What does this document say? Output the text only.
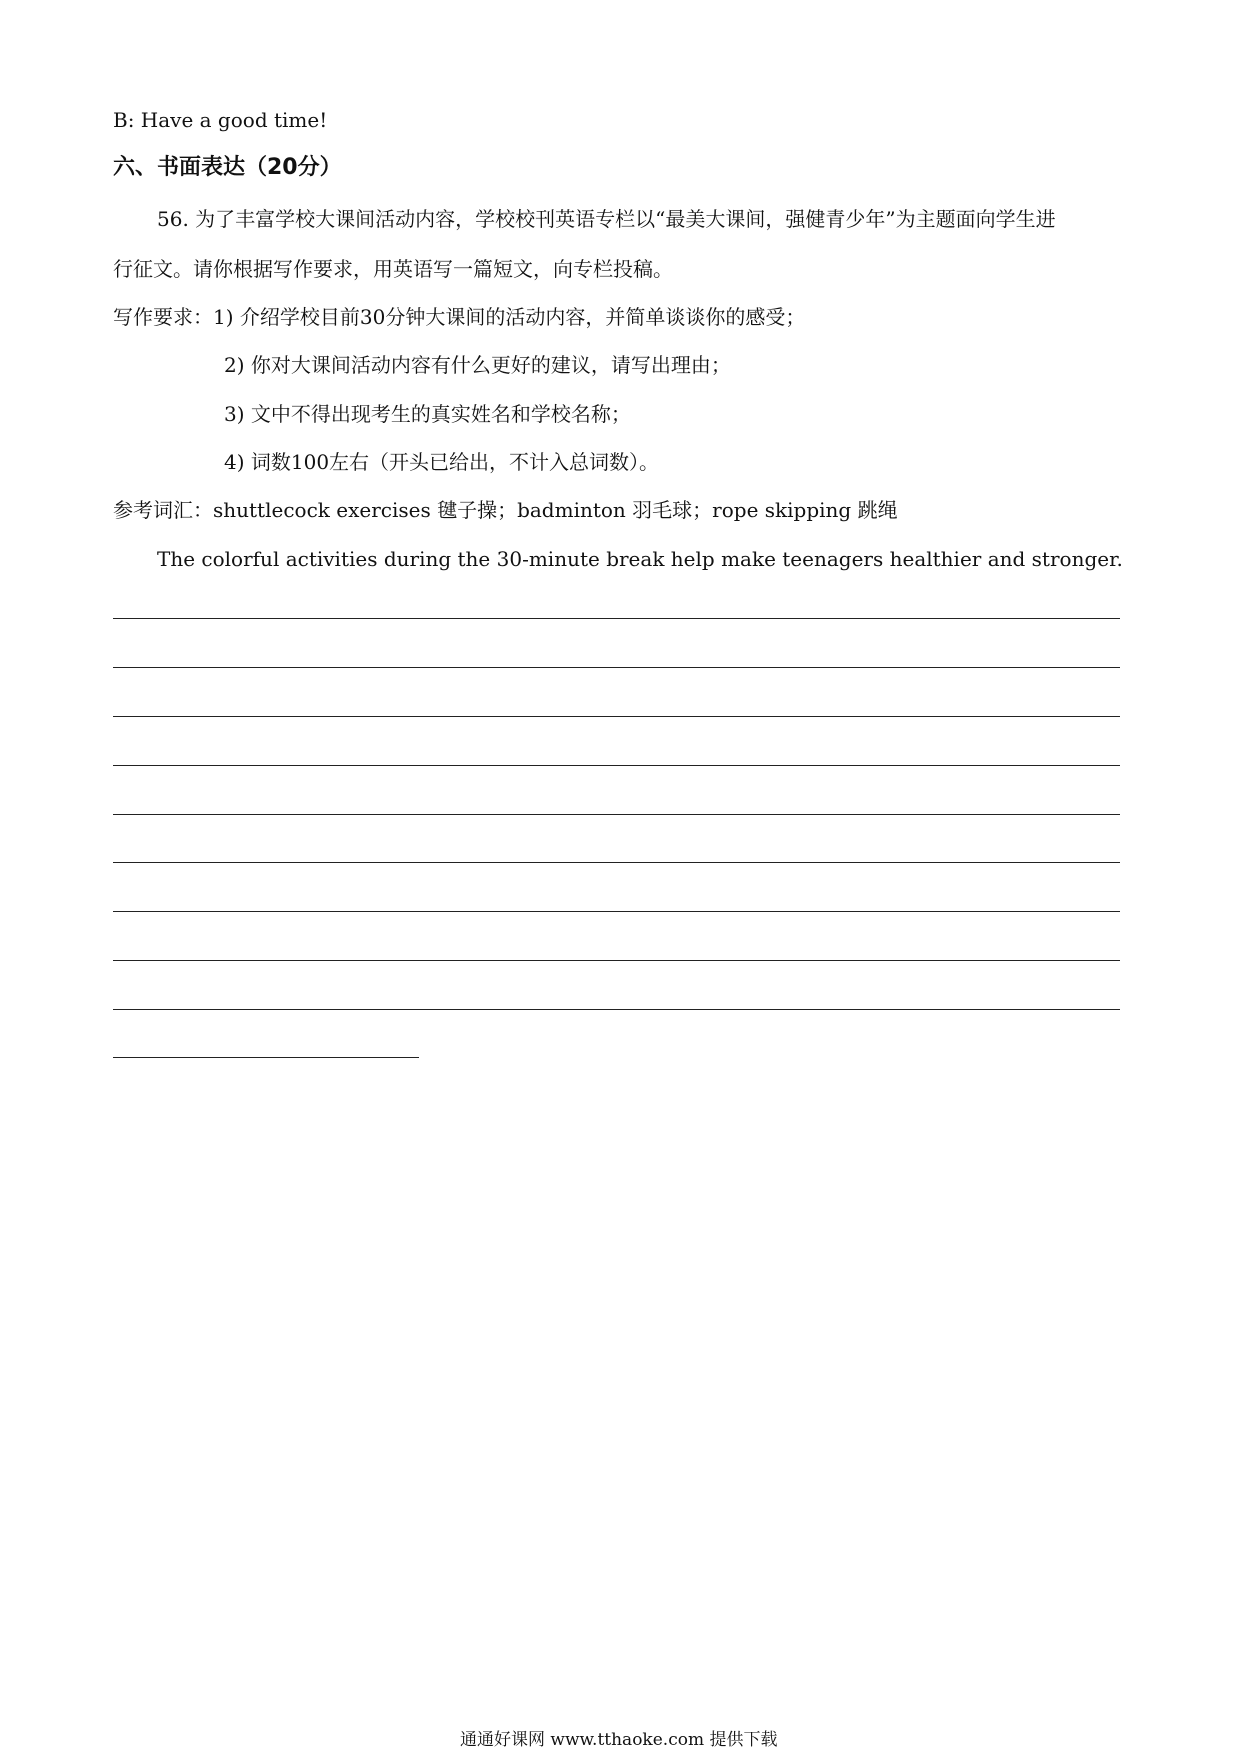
B: Have a good time!
六、书面表达（20分）
56. 为了丰富学校大课间活动内容，学校校刊英语专栏以“最美大课间，强健青少年”为主题面向学生进
行征文。请你根据写作要求，用英语写一篇短文，向专栏投稿。
写作要求：1) 介绍学校目前30分钟大课间的活动内容，并简单谈谈你的感受；
2) 你对大课间活动内容有什么更好的建议，请写出理由；
3) 文中不得出现考生的真实姓名和学校名称；
4) 词数100左右（开头已给出，不计入总词数）。
参考词汇：shuttlecock exercises 毽子操；badminton 羽毛球；rope skipping 跳绳
The colorful activities during the 30-minute break help make teenagers healthier and stronger.
通通好课网 www.tthaoke.com 提供下载
